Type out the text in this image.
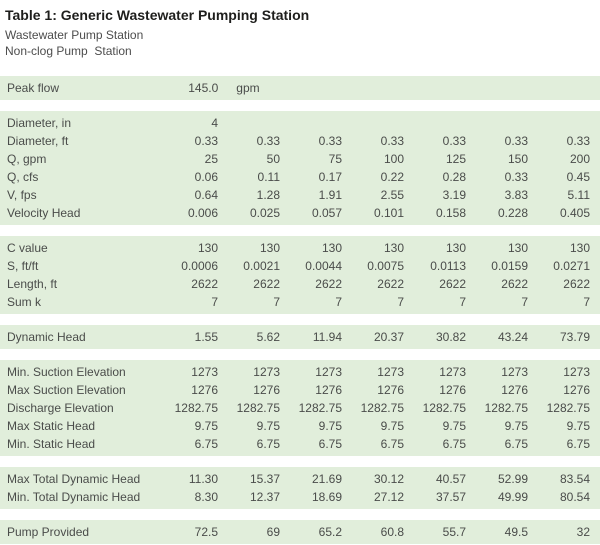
Table 1: Generic Wastewater Pumping Station
Wastewater Pump Station
Non-clog Pump  Station
Peak flow	145.0	gpm
Diameter, in	4
Diameter, ft	0.33	0.33	0.33	0.33	0.33	0.33	0.33
Q, gpm	25	50	75	100	125	150	200
Q, cfs	0.06	0.11	0.17	0.22	0.28	0.33	0.45
V, fps	0.64	1.28	1.91	2.55	3.19	3.83	5.11
Velocity Head	0.006	0.025	0.057	0.101	0.158	0.228	0.405
C value	130	130	130	130	130	130	130
S, ft/ft	0.0006	0.0021	0.0044	0.0075	0.0113	0.0159	0.0271
Length, ft	2622	2622	2622	2622	2622	2622	2622
Sum k	7	7	7	7	7	7	7
Dynamic Head	1.55	5.62	11.94	20.37	30.82	43.24	73.79
Min. Suction Elevation	1273	1273	1273	1273	1273	1273	1273
Max Suction Elevation	1276	1276	1276	1276	1276	1276	1276
Discharge Elevation	1282.75	1282.75	1282.75	1282.75	1282.75	1282.75	1282.75
Max Static Head	9.75	9.75	9.75	9.75	9.75	9.75	9.75
Min. Static Head	6.75	6.75	6.75	6.75	6.75	6.75	6.75
Max Total Dynamic Head	11.30	15.37	21.69	30.12	40.57	52.99	83.54
Min. Total Dynamic Head	8.30	12.37	18.69	27.12	37.57	49.99	80.54
Pump Provided	72.5	69	65.2	60.8	55.7	49.5	32
